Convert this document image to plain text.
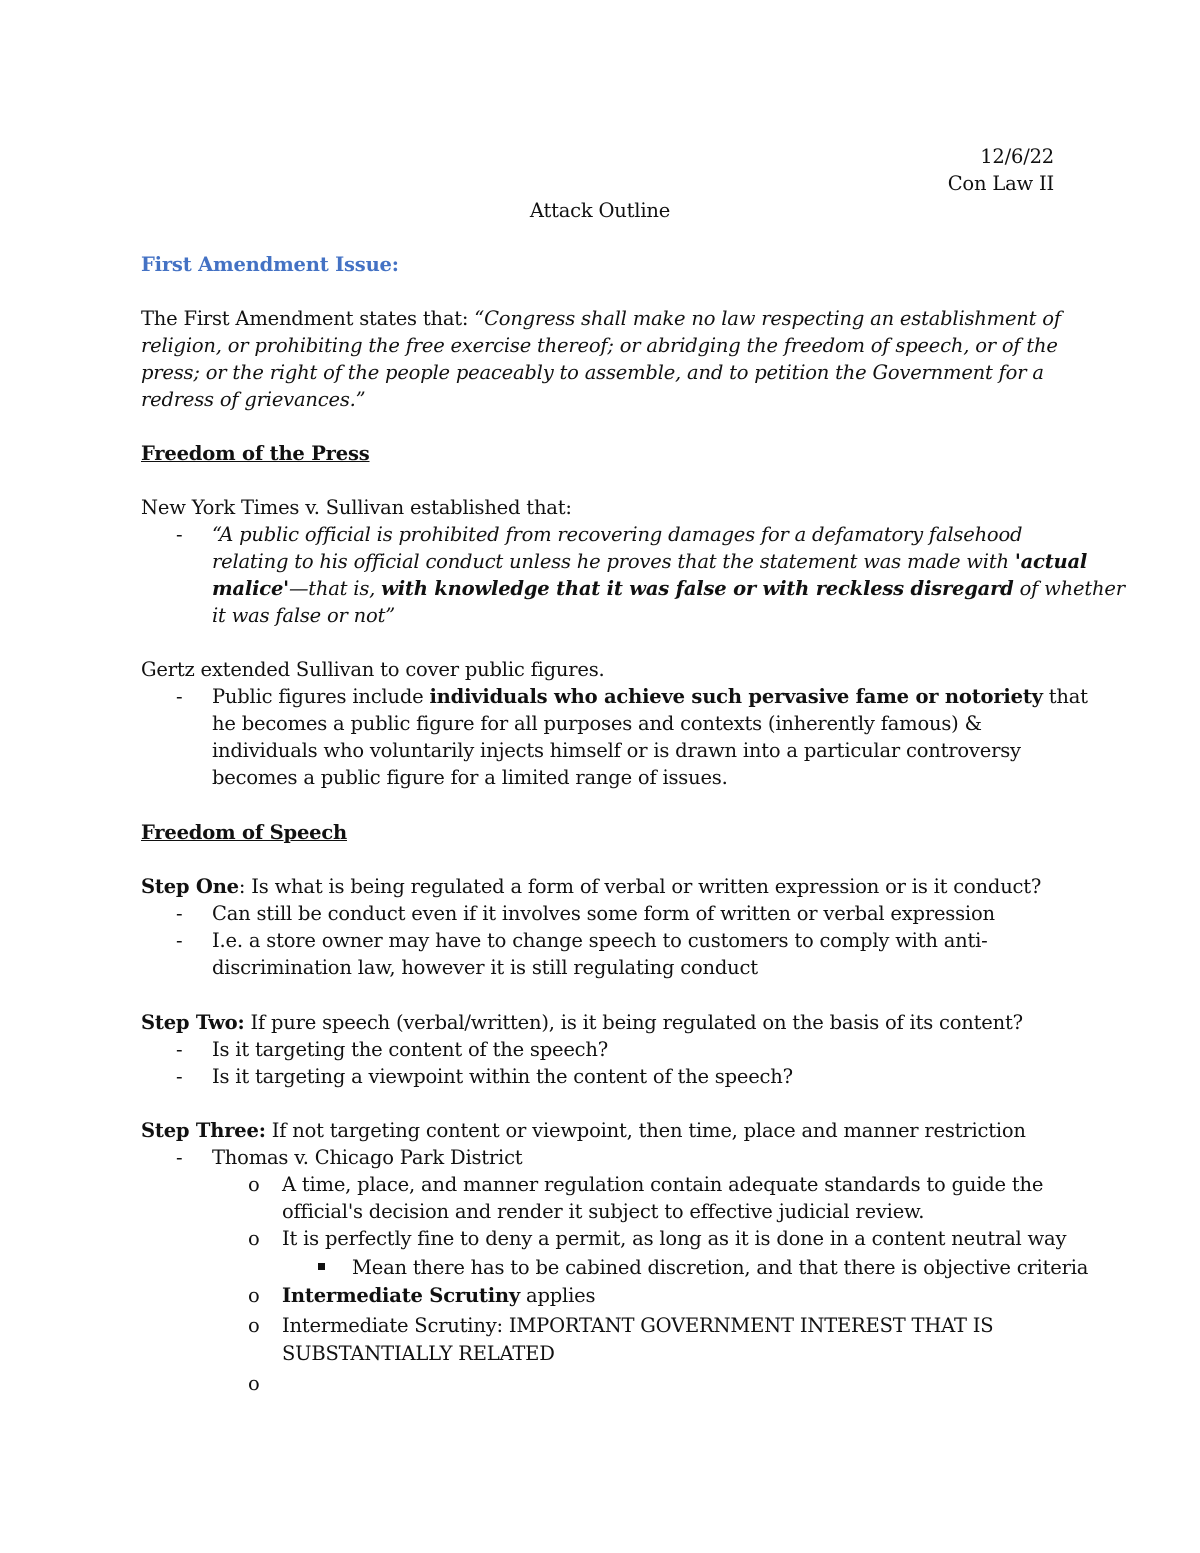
12/6/22
Con Law II
Attack Outline
First Amendment Issue:
The First Amendment states that: “Congress shall make no law respecting an establishment of
religion, or prohibiting the free exercise thereof; or abridging the freedom of speech, or of the
press; or the right of the people peaceably to assemble, and to petition the Government for a
redress of grievances.”
Freedom of the Press
New York Times v. Sullivan established that:
- “A public official is prohibited from recovering damages for a defamatory falsehood
relating to his official conduct unless he proves that the statement was made with 'actual
malice'—that is, with knowledge that it was false or with reckless disregard of whether
it was false or not”
Gertz extended Sullivan to cover public figures.
- Public figures include individuals who achieve such pervasive fame or notoriety that
he becomes a public figure for all purposes and contexts (inherently famous) &
individuals who voluntarily injects himself or is drawn into a particular controversy
becomes a public figure for a limited range of issues.
Freedom of Speech
Step One: Is what is being regulated a form of verbal or written expression or is it conduct?
- Can still be conduct even if it involves some form of written or verbal expression
- I.e. a store owner may have to change speech to customers to comply with anti-
discrimination law, however it is still regulating conduct
Step Two: If pure speech (verbal/written), is it being regulated on the basis of its content?
- Is it targeting the content of the speech?
- Is it targeting a viewpoint within the content of the speech?
Step Three: If not targeting content or viewpoint, then time, place and manner restriction
- Thomas v. Chicago Park District
o A time, place, and manner regulation contain adequate standards to guide the
official's decision and render it subject to effective judicial review.
o It is perfectly fine to deny a permit, as long as it is done in a content neutral way
Mean there has to be cabined discretion, and that there is objective criteria
o Intermediate Scrutiny applies
o Intermediate Scrutiny: IMPORTANT GOVERNMENT INTEREST THAT IS
SUBSTANTIALLY RELATED
o
